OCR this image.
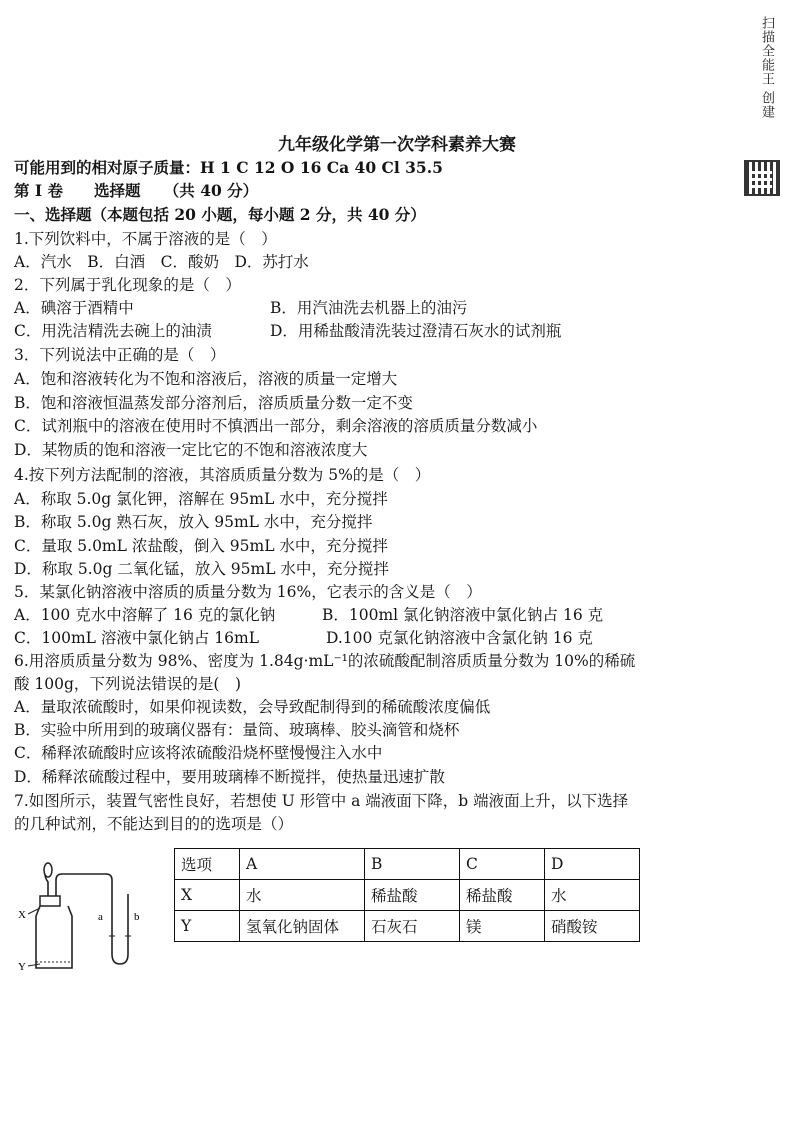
扫描全能王 创建
九年级化学第一次学科素养大赛
可能用到的相对原子质量：H 1 C 12 O 16 Ca 40 Cl 35.5
第 I 卷　　选择题　　（共 40 分）
一、选择题（本题包括 20 小题，每小题 2 分，共 40 分）
1.下列饮料中，不属于溶液的是（　）
A．汽水　B．白酒　C．酸奶　D．苏打水
2．下列属于乳化现象的是（　）
A．碘溶于酒精中	B．用汽油洗去机器上的油污
C．用洗洁精洗去碗上的油渍	D．用稀盐酸清洗装过澄清石灰水的试剂瓶
3．下列说法中正确的是（　）
A．饱和溶液转化为不饱和溶液后，溶液的质量一定增大
B．饱和溶液恒温蒸发部分溶剂后，溶质质量分数一定不变
C．试剂瓶中的溶液在使用时不慎洒出一部分，剩余溶液的溶质质量分数减小
D．某物质的饱和溶液一定比它的不饱和溶液浓度大
4.按下列方法配制的溶液，其溶质质量分数为 5%的是（　）
A．称取 5.0g 氯化钾，溶解在 95mL 水中，充分搅拌
B．称取 5.0g 熟石灰，放入 95mL 水中，充分搅拌
C．量取 5.0mL 浓盐酸，倒入 95mL 水中，充分搅拌
D．称取 5.0g 二氧化锰，放入 95mL 水中，充分搅拌
5．某氯化钠溶液中溶质的质量分数为 16%，它表示的含义是（　）
A．100 克水中溶解了 16 克的氯化钠	B．100ml 氯化钠溶液中氯化钠占 16 克
C．100mL 溶液中氯化钠占 16mL	D.100 克氯化钠溶液中含氯化钠 16 克
6.用溶质质量分数为 98%、密度为 1.84g·mL⁻¹的浓硫酸配制溶质质量分数为 10%的稀硫
酸 100g，下列说法错误的是(　)
A．量取浓硫酸时，如果仰视读数，会导致配制得到的稀硫酸浓度偏低
B．实验中所用到的玻璃仪器有：量筒、玻璃棒、胶头滴管和烧杯
C．稀释浓硫酸时应该将浓硫酸沿烧杯壁慢慢注入水中
D．稀释浓硫酸过程中，要用玻璃棒不断搅拌，使热量迅速扩散
7.如图所示，装置气密性良好，若想使 U 形管中 a 端液面下降，b 端液面上升，以下选择
的几种试剂，不能达到目的的选项是（）
X
Y
a	b
选项	A	B	C	D
X	水	稀盐酸	稀盐酸	水
Y	氢氧化钠固体	石灰石	镁	硝酸铵
